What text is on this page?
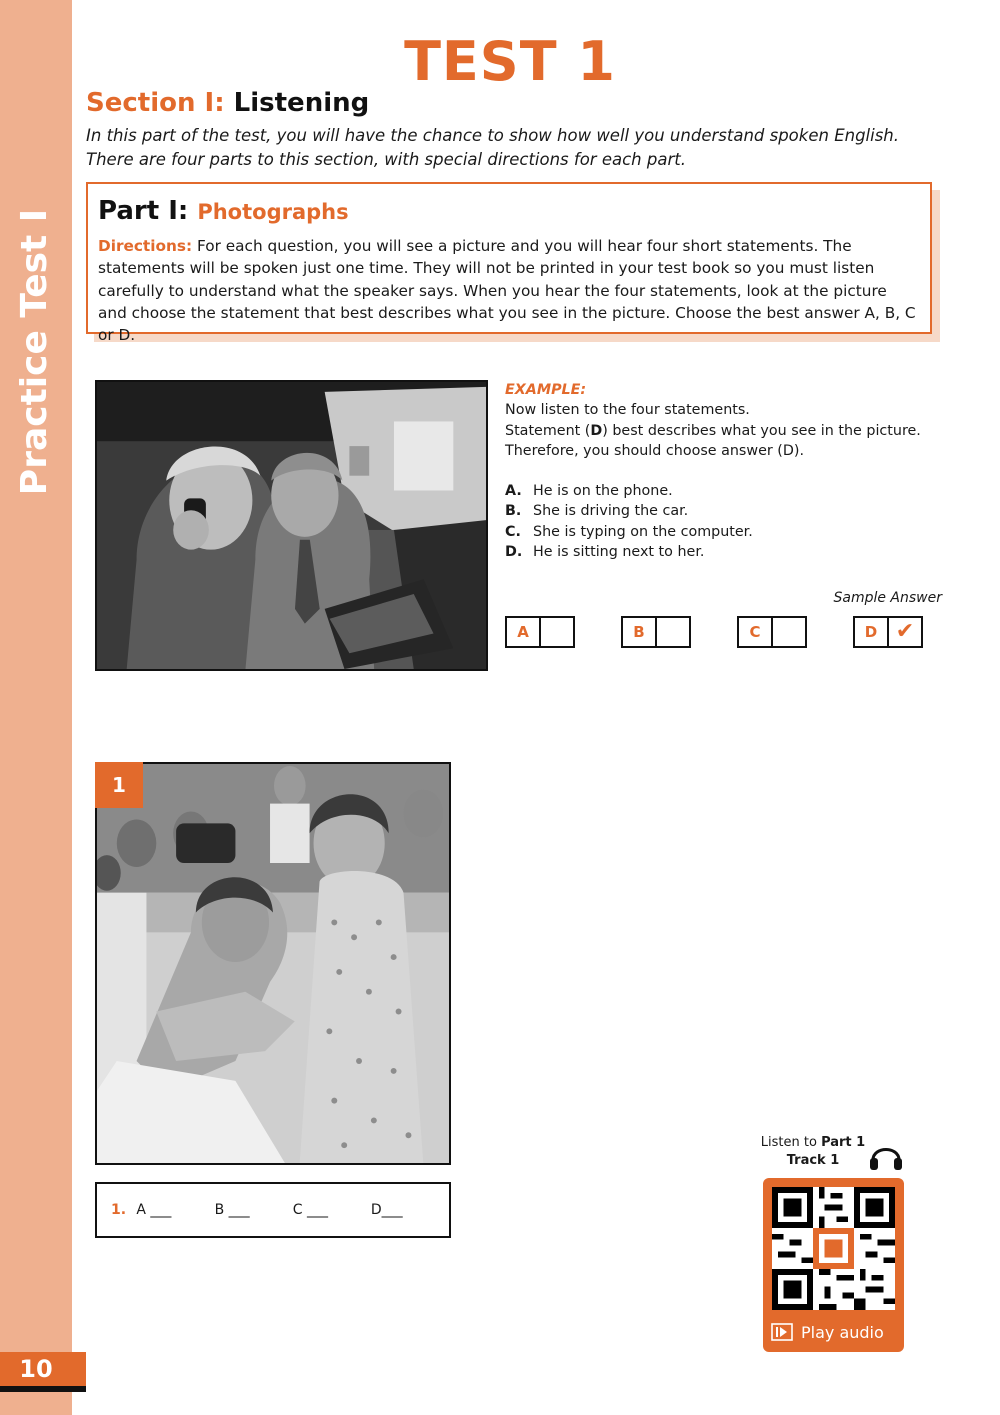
Practice Test I
10
TEST 1
Section I: Listening
In this part of the test, you will have the chance to show how well you understand spoken English. There are four parts to this section, with special directions for each part.
Part I: Photographs
Directions: For each question, you will see a picture and you will hear four short statements. The statements will be spoken just one time. They will not be printed in your test book so you must listen carefully to understand what the speaker says. When you hear the four statements, look at the picture and choose the statement that best describes what you see in the picture. Choose the best answer A, B, C or D.
EXAMPLE:
Now listen to the four statements.
Statement (D) best describes what you see in the picture.
Therefore, you should choose answer (D).
A. He is on the phone.
B. She is driving the car.
C. She is typing on the computer.
D. He is sitting next to her.
Sample Answer
A	B	C	D ✔
1
1. A ___	B ___	C ___	D___
Listen to Part 1
Track 1
Play audio
